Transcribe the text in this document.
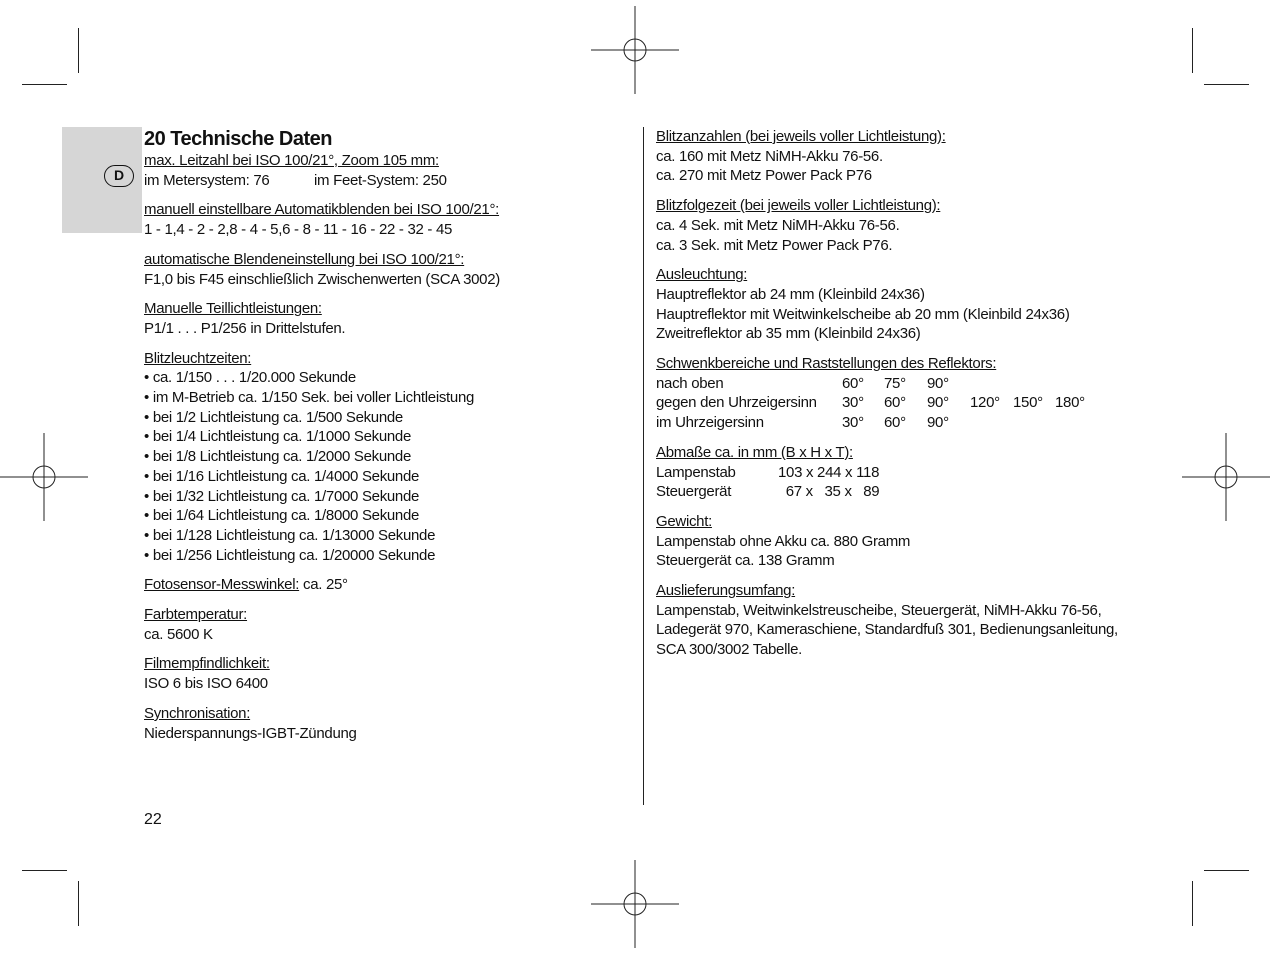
D
20 Technische Daten
max. Leitzahl bei ISO 100/21°, Zoom 105 mm:
im Metersystem: 76	im Feet-System: 250
manuell einstellbare Automatikblenden bei ISO 100/21°:
1 - 1,4 - 2 - 2,8 - 4 - 5,6 - 8 - 11 - 16 - 22 - 32 - 45
automatische Blendeneinstellung bei ISO 100/21°:
F1,0 bis F45 einschließlich Zwischenwerten (SCA 3002)
Manuelle Teillichtleistungen:
P1/1 . . . P1/256 in Drittelstufen.
Blitzleuchtzeiten:
• ca. 1/150 . . . 1/20.000 Sekunde
• im M-Betrieb ca. 1/150 Sek. bei voller Lichtleistung
• bei 1/2 Lichtleistung ca. 1/500 Sekunde
• bei 1/4 Lichtleistung ca. 1/1000 Sekunde
• bei 1/8 Lichtleistung ca. 1/2000 Sekunde
• bei 1/16 Lichtleistung ca. 1/4000 Sekunde
• bei 1/32 Lichtleistung ca. 1/7000 Sekunde
• bei 1/64 Lichtleistung ca. 1/8000 Sekunde
• bei 1/128 Lichtleistung ca. 1/13000 Sekunde
• bei 1/256 Lichtleistung ca. 1/20000 Sekunde
Fotosensor-Messwinkel: ca. 25°
Farbtemperatur:
ca. 5600 K
Filmempfindlichkeit:
ISO 6 bis ISO 6400
Synchronisation:
Niederspannungs-IGBT-Zündung
22
Blitzanzahlen (bei jeweils voller Lichtleistung):
ca. 160 mit Metz NiMH-Akku 76-56.
ca. 270 mit Metz Power Pack P76
Blitzfolgezeit (bei jeweils voller Lichtleistung):
ca. 4 Sek. mit Metz NiMH-Akku 76-56.
ca. 3 Sek. mit Metz Power Pack P76.
Ausleuchtung:
Hauptreflektor ab 24 mm (Kleinbild 24x36)
Hauptreflektor mit Weitwinkelscheibe ab 20 mm (Kleinbild 24x36)
Zweitreflektor ab 35 mm (Kleinbild 24x36)
Schwenkbereiche und Raststellungen des Reflektors:
nach oben	60°	75°	90°
gegen den Uhrzeigersinn	30°	60°	90°	120° 150° 180°
im Uhrzeigersinn	30°	60°	90°
Abmaße ca. in mm (B x H x T):
Lampenstab	103 x 244 x 118
Steuergerät	67 x   35 x   89
Gewicht:
Lampenstab ohne Akku ca. 880 Gramm
Steuergerät ca. 138 Gramm
Auslieferungsumfang:
Lampenstab, Weitwinkelstreuscheibe, Steuergerät, NiMH-Akku 76-56,
Ladegerät 970, Kameraschiene, Standardfuß 301, Bedienungsanleitung,
SCA 300/3002 Tabelle.
